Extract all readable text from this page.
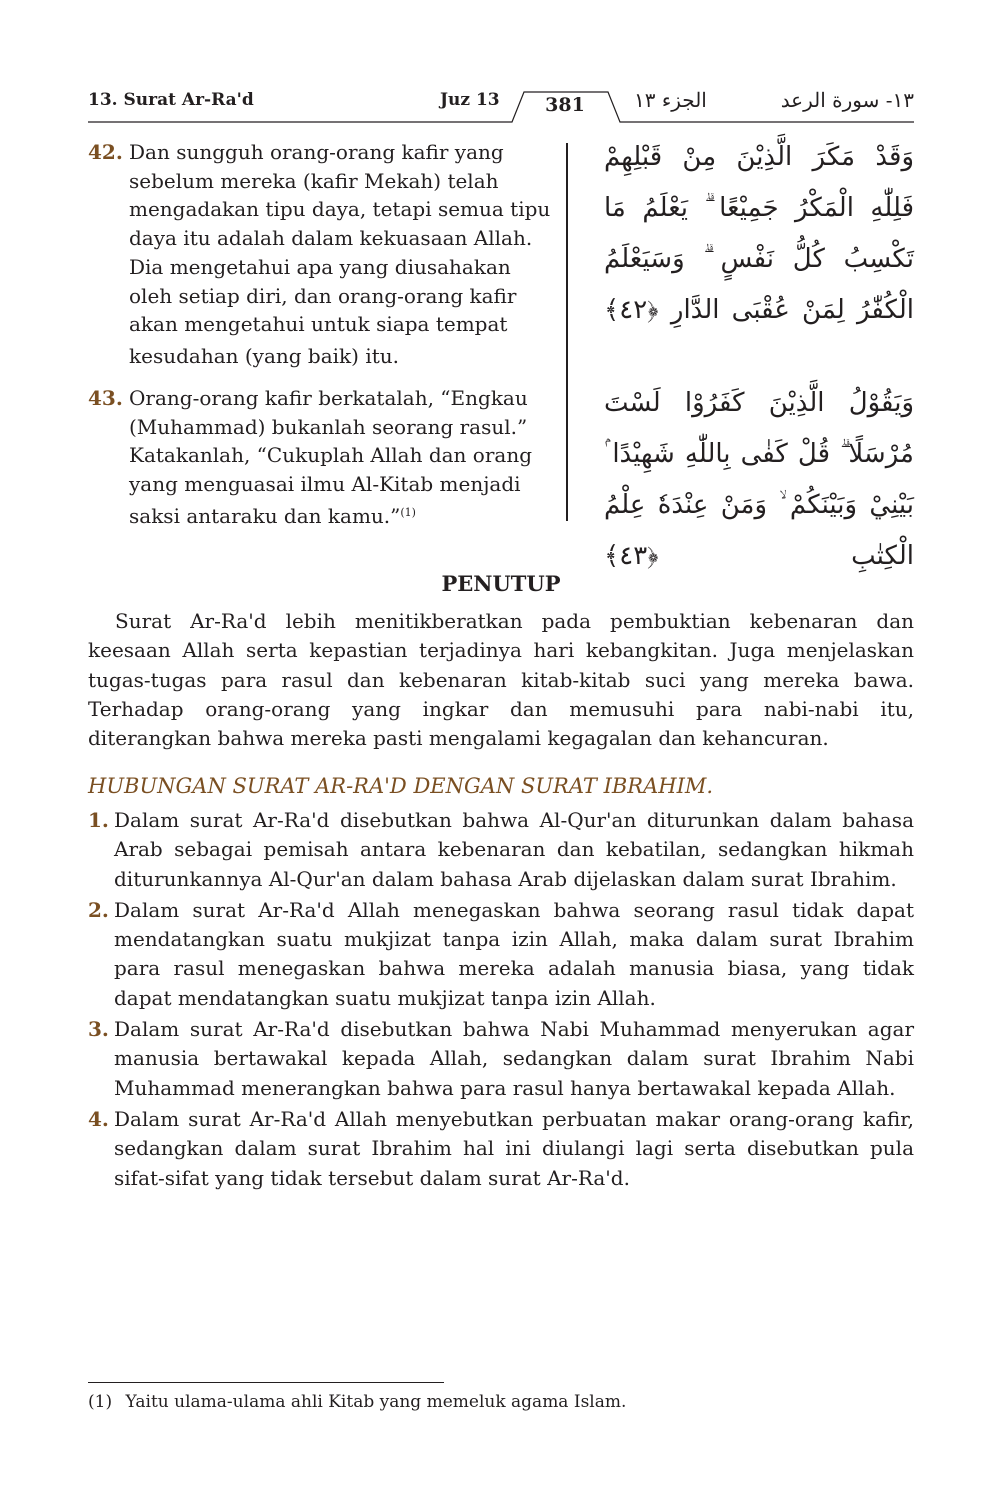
13. Surat Ar-Ra'd	Juz 13 381 الجزء ١٣	١٣- سورة الرعد
42. Dan sungguh orang-orang kafir yang sebelum mereka (kafir Mekah) telah mengadakan tipu daya, tetapi semua tipu daya itu adalah dalam kekuasaan Allah. Dia mengetahui apa yang diusahakan oleh setiap diri, dan orang-orang kafir akan mengetahui untuk siapa tempat kesudahan (yang baik) itu.
وَقَدْ مَكَرَ الَّذِيْنَ مِنْ قَبْلِهِمْ فَلِلّٰهِ الْمَكْرُ جَمِيْعًا ۗ يَعْلَمُ مَا تَكْسِبُ كُلُّ نَفْسٍ ۗ وَسَيَعْلَمُ الْكُفّٰرُ لِمَنْ عُقْبَى الدَّارِ ﴿٤٢﴾
43. Orang-orang kafir berkatalah, “Engkau (Muhammad) bukanlah seorang rasul.” Katakanlah, “Cukuplah Allah dan orang yang menguasai ilmu Al-Kitab menjadi saksi antaraku dan kamu.”$^{(1)}$
وَيَقُوْلُ الَّذِيْنَ كَفَرُوْا لَسْتَ مُرْسَلًا ۗ قُلْ كَفٰى بِاللّٰهِ شَهِيْدًا ۢ بَيْنِيْ وَبَيْنَكُمْ ۙ وَمَنْ عِنْدَهٗ عِلْمُ الْكِتٰبِ ﴿٤٣﴾
PENUTUP
Surat Ar-Ra'd lebih menitikberatkan pada pembuktian kebenaran dan keesaan Allah serta kepastian terjadinya hari kebangkitan. Juga menjelaskan tugas-tugas para rasul dan kebenaran kitab-kitab suci yang mereka bawa. Terhadap orang-orang yang ingkar dan memusuhi para nabi-nabi itu, diterangkan bahwa mereka pasti mengalami kegagalan dan kehancuran.
HUBUNGAN SURAT AR-RA'D DENGAN SURAT IBRAHIM.
1. Dalam surat Ar-Ra'd disebutkan bahwa Al-Qur'an diturunkan dalam bahasa Arab sebagai pemisah antara kebenaran dan kebatilan, sedangkan hikmah diturunkannya Al-Qur'an dalam bahasa Arab dijelaskan dalam surat Ibrahim.
2. Dalam surat Ar-Ra'd Allah menegaskan bahwa seorang rasul tidak dapat mendatangkan suatu mukjizat tanpa izin Allah, maka dalam surat Ibrahim para rasul menegaskan bahwa mereka adalah manusia biasa, yang tidak dapat mendatangkan suatu mukjizat tanpa izin Allah.
3. Dalam surat Ar-Ra'd disebutkan bahwa Nabi Muhammad menyerukan agar manusia bertawakal kepada Allah, sedangkan dalam surat Ibrahim Nabi Muhammad menerangkan bahwa para rasul hanya bertawakal kepada Allah.
4. Dalam surat Ar-Ra'd Allah menyebutkan perbuatan makar orang-orang kafir, sedangkan dalam surat Ibrahim hal ini diulangi lagi serta disebutkan pula sifat-sifat yang tidak tersebut dalam surat Ar-Ra'd.
(1) Yaitu ulama-ulama ahli Kitab yang memeluk agama Islam.
